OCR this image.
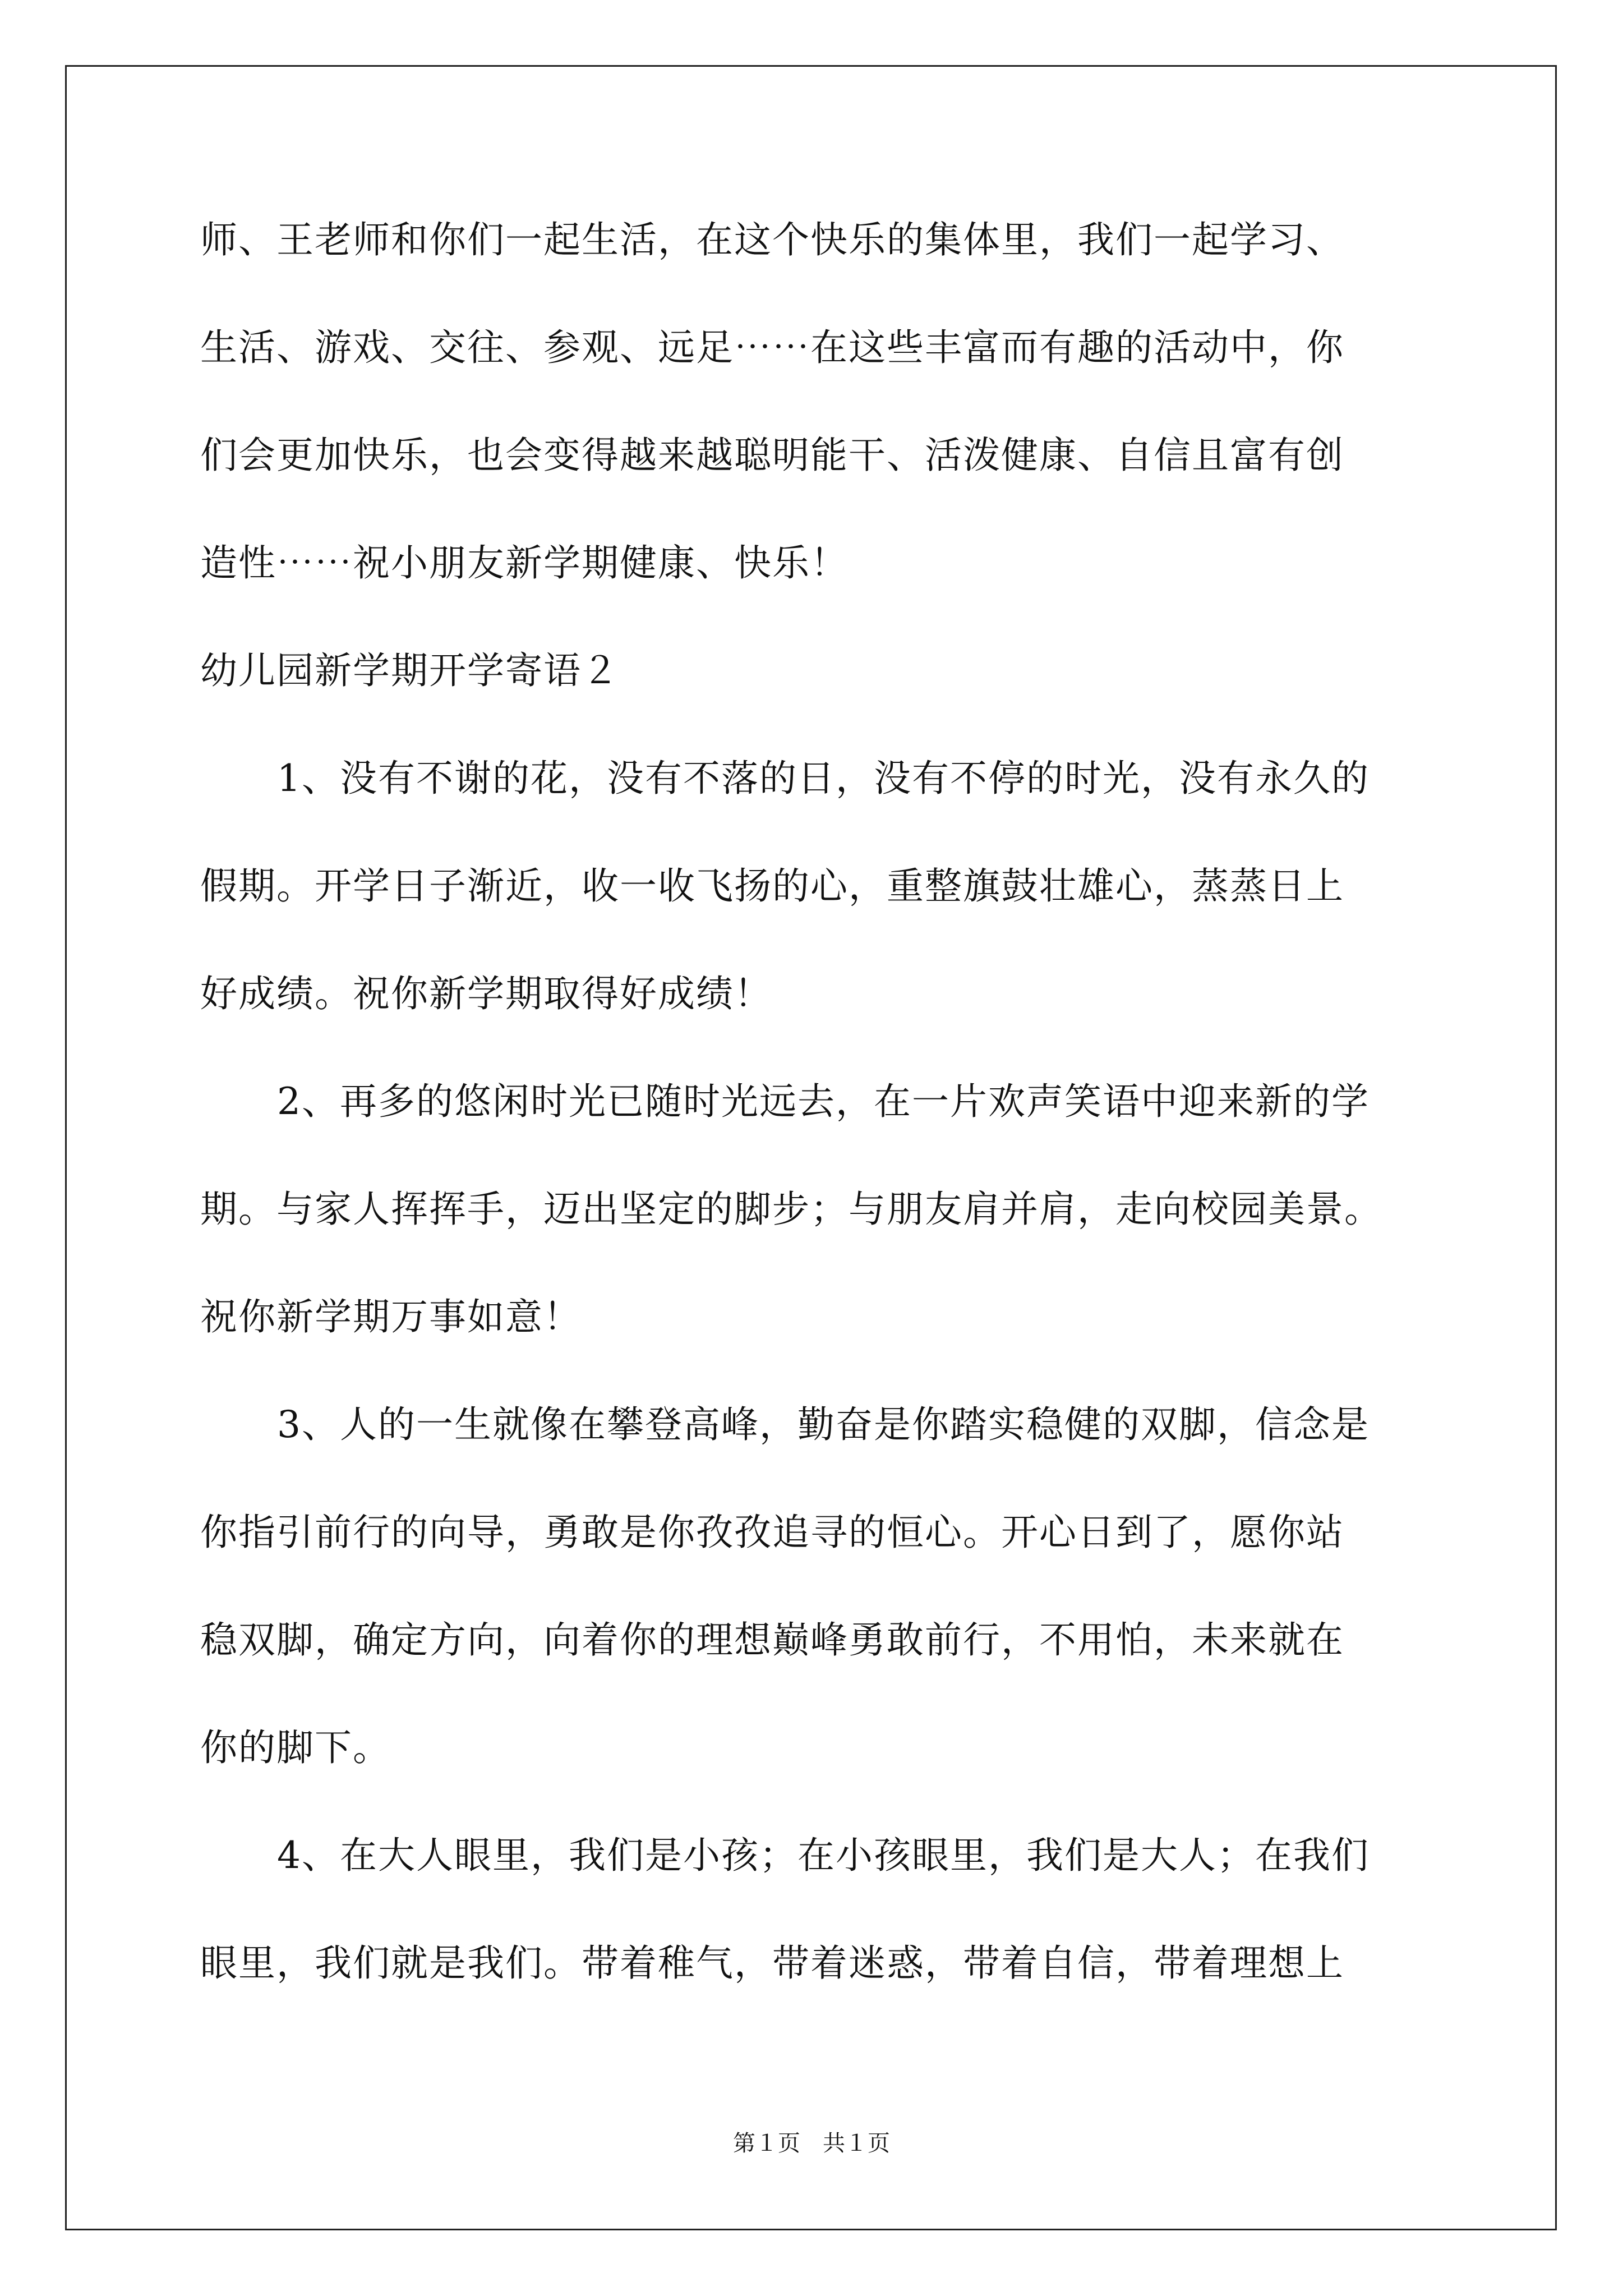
师、王老师和你们一起生活，在这个快乐的集体里，我们一起学习、
生活、游戏、交往、参观、远足⋯⋯在这些丰富而有趣的活动中，你
们会更加快乐，也会变得越来越聪明能干、活泼健康、自信且富有创
造性⋯⋯祝小朋友新学期健康、快乐！
幼儿园新学期开学寄语２
1、没有不谢的花，没有不落的日，没有不停的时光，没有永久的
假期。开学日子渐近，收一收飞扬的心，重整旗鼓壮雄心，蒸蒸日上
好成绩。祝你新学期取得好成绩！
2、再多的悠闲时光已随时光远去，在一片欢声笑语中迎来新的学
期。与家人挥挥手，迈出坚定的脚步；与朋友肩并肩，走向校园美景。
祝你新学期万事如意！
3、人的一生就像在攀登高峰，勤奋是你踏实稳健的双脚，信念是
你指引前行的向导，勇敢是你孜孜追寻的恒心。开心日到了，愿你站
稳双脚，确定方向，向着你的理想巅峰勇敢前行，不用怕，未来就在
你的脚下。
4、在大人眼里，我们是小孩；在小孩眼里，我们是大人；在我们
眼里，我们就是我们。带着稚气，带着迷惑，带着自信，带着理想上
第１页　共１页
